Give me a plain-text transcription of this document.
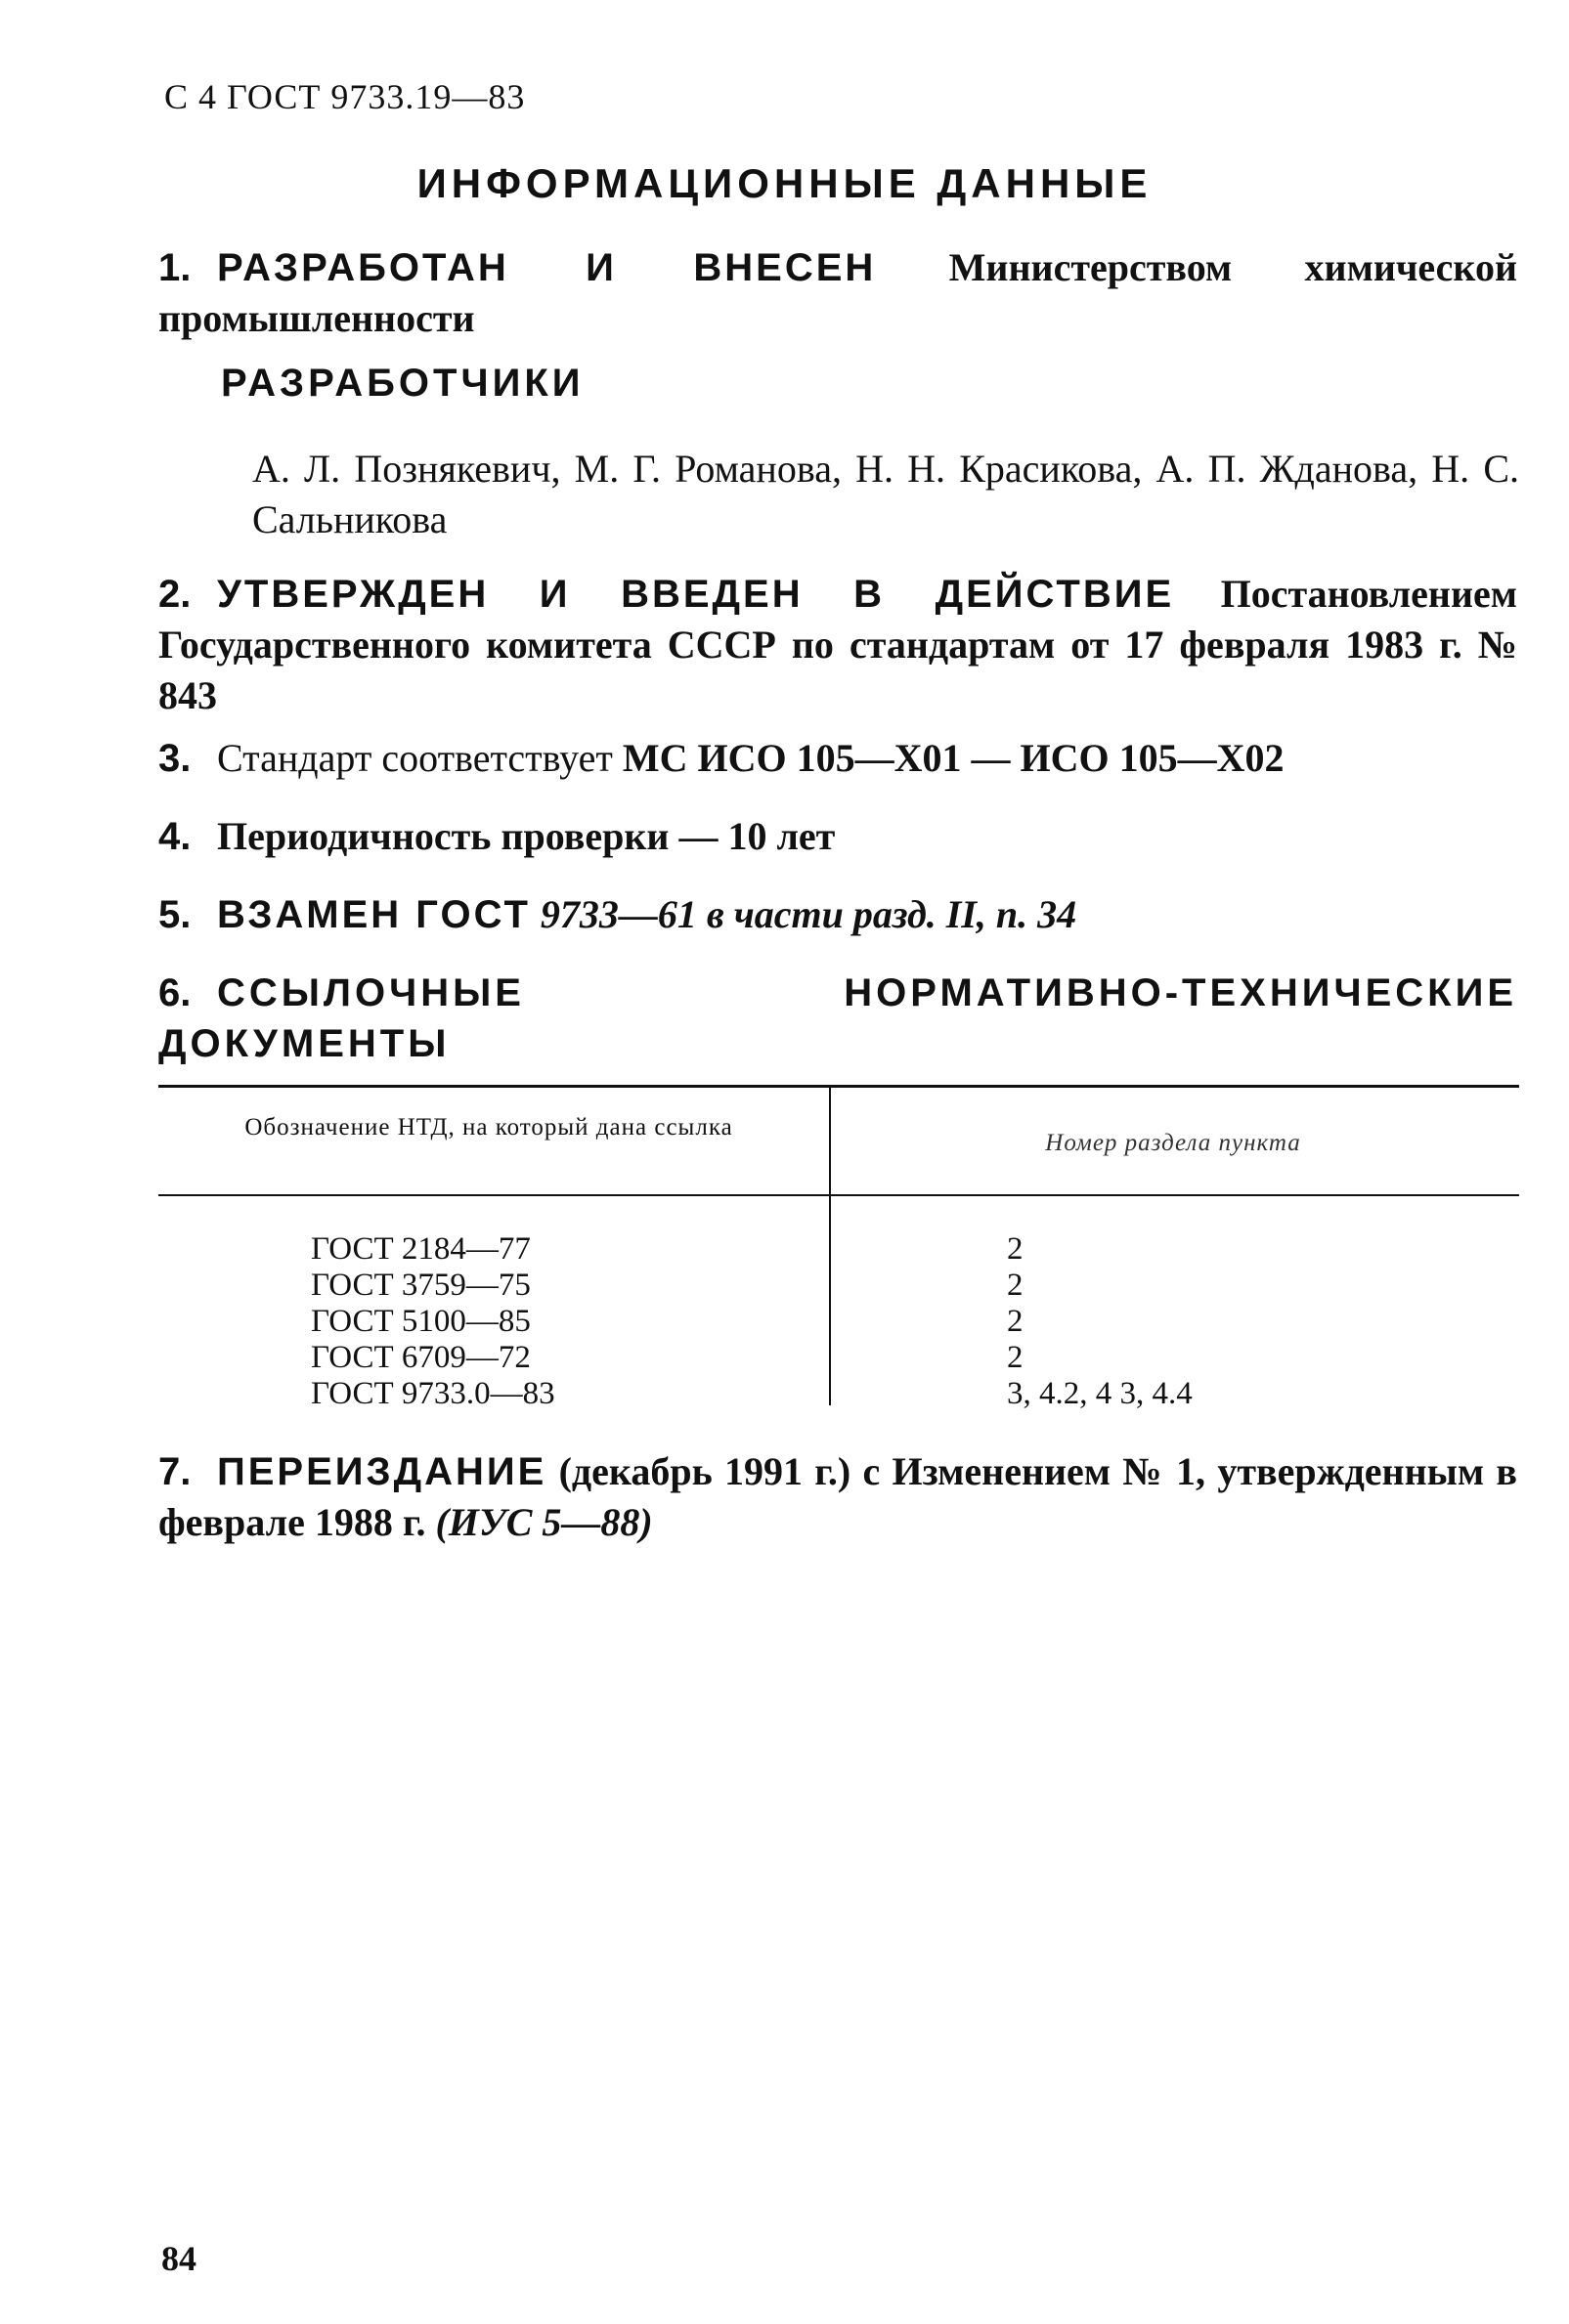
С 4 ГОСТ 9733.19—83
ИНФОРМАЦИОННЫЕ ДАННЫЕ
1. РАЗРАБОТАН И ВНЕСЕН Министерством химической промышленности
РАЗРАБОТЧИКИ
А. Л. Познякевич, М. Г. Романова, Н. Н. Красикова, А. П. Жданова, Н. С. Сальникова
2. УТВЕРЖДЕН И ВВЕДЕН В ДЕЙСТВИЕ Постановлением Государственного комитета СССР по стандартам от 17 февраля 1983 г. № 843
3. Стандарт соответствует МС ИСО 105—Х01 — ИСО 105—Х02
4. Периодичность проверки — 10 лет
5. ВЗАМЕН ГОСТ 9733—61 в части разд. II, п. 34
6. ССЫЛОЧНЫЕ НОРМАТИВНО-ТЕХНИЧЕСКИЕ ДОКУМЕНТЫ
Обозначение НТД, на который дана ссылка
Номер раздела пункта
ГОСТ 2184—77	2
ГОСТ 3759—75	2
ГОСТ 5100—85	2
ГОСТ 6709—72	2
ГОСТ 9733.0—83	3, 4.2, 4 3, 4.4
7. ПЕРЕИЗДАНИЕ (декабрь 1991 г.) с Изменением № 1, утвержденным в феврале 1988 г. (ИУС 5—88)
84
